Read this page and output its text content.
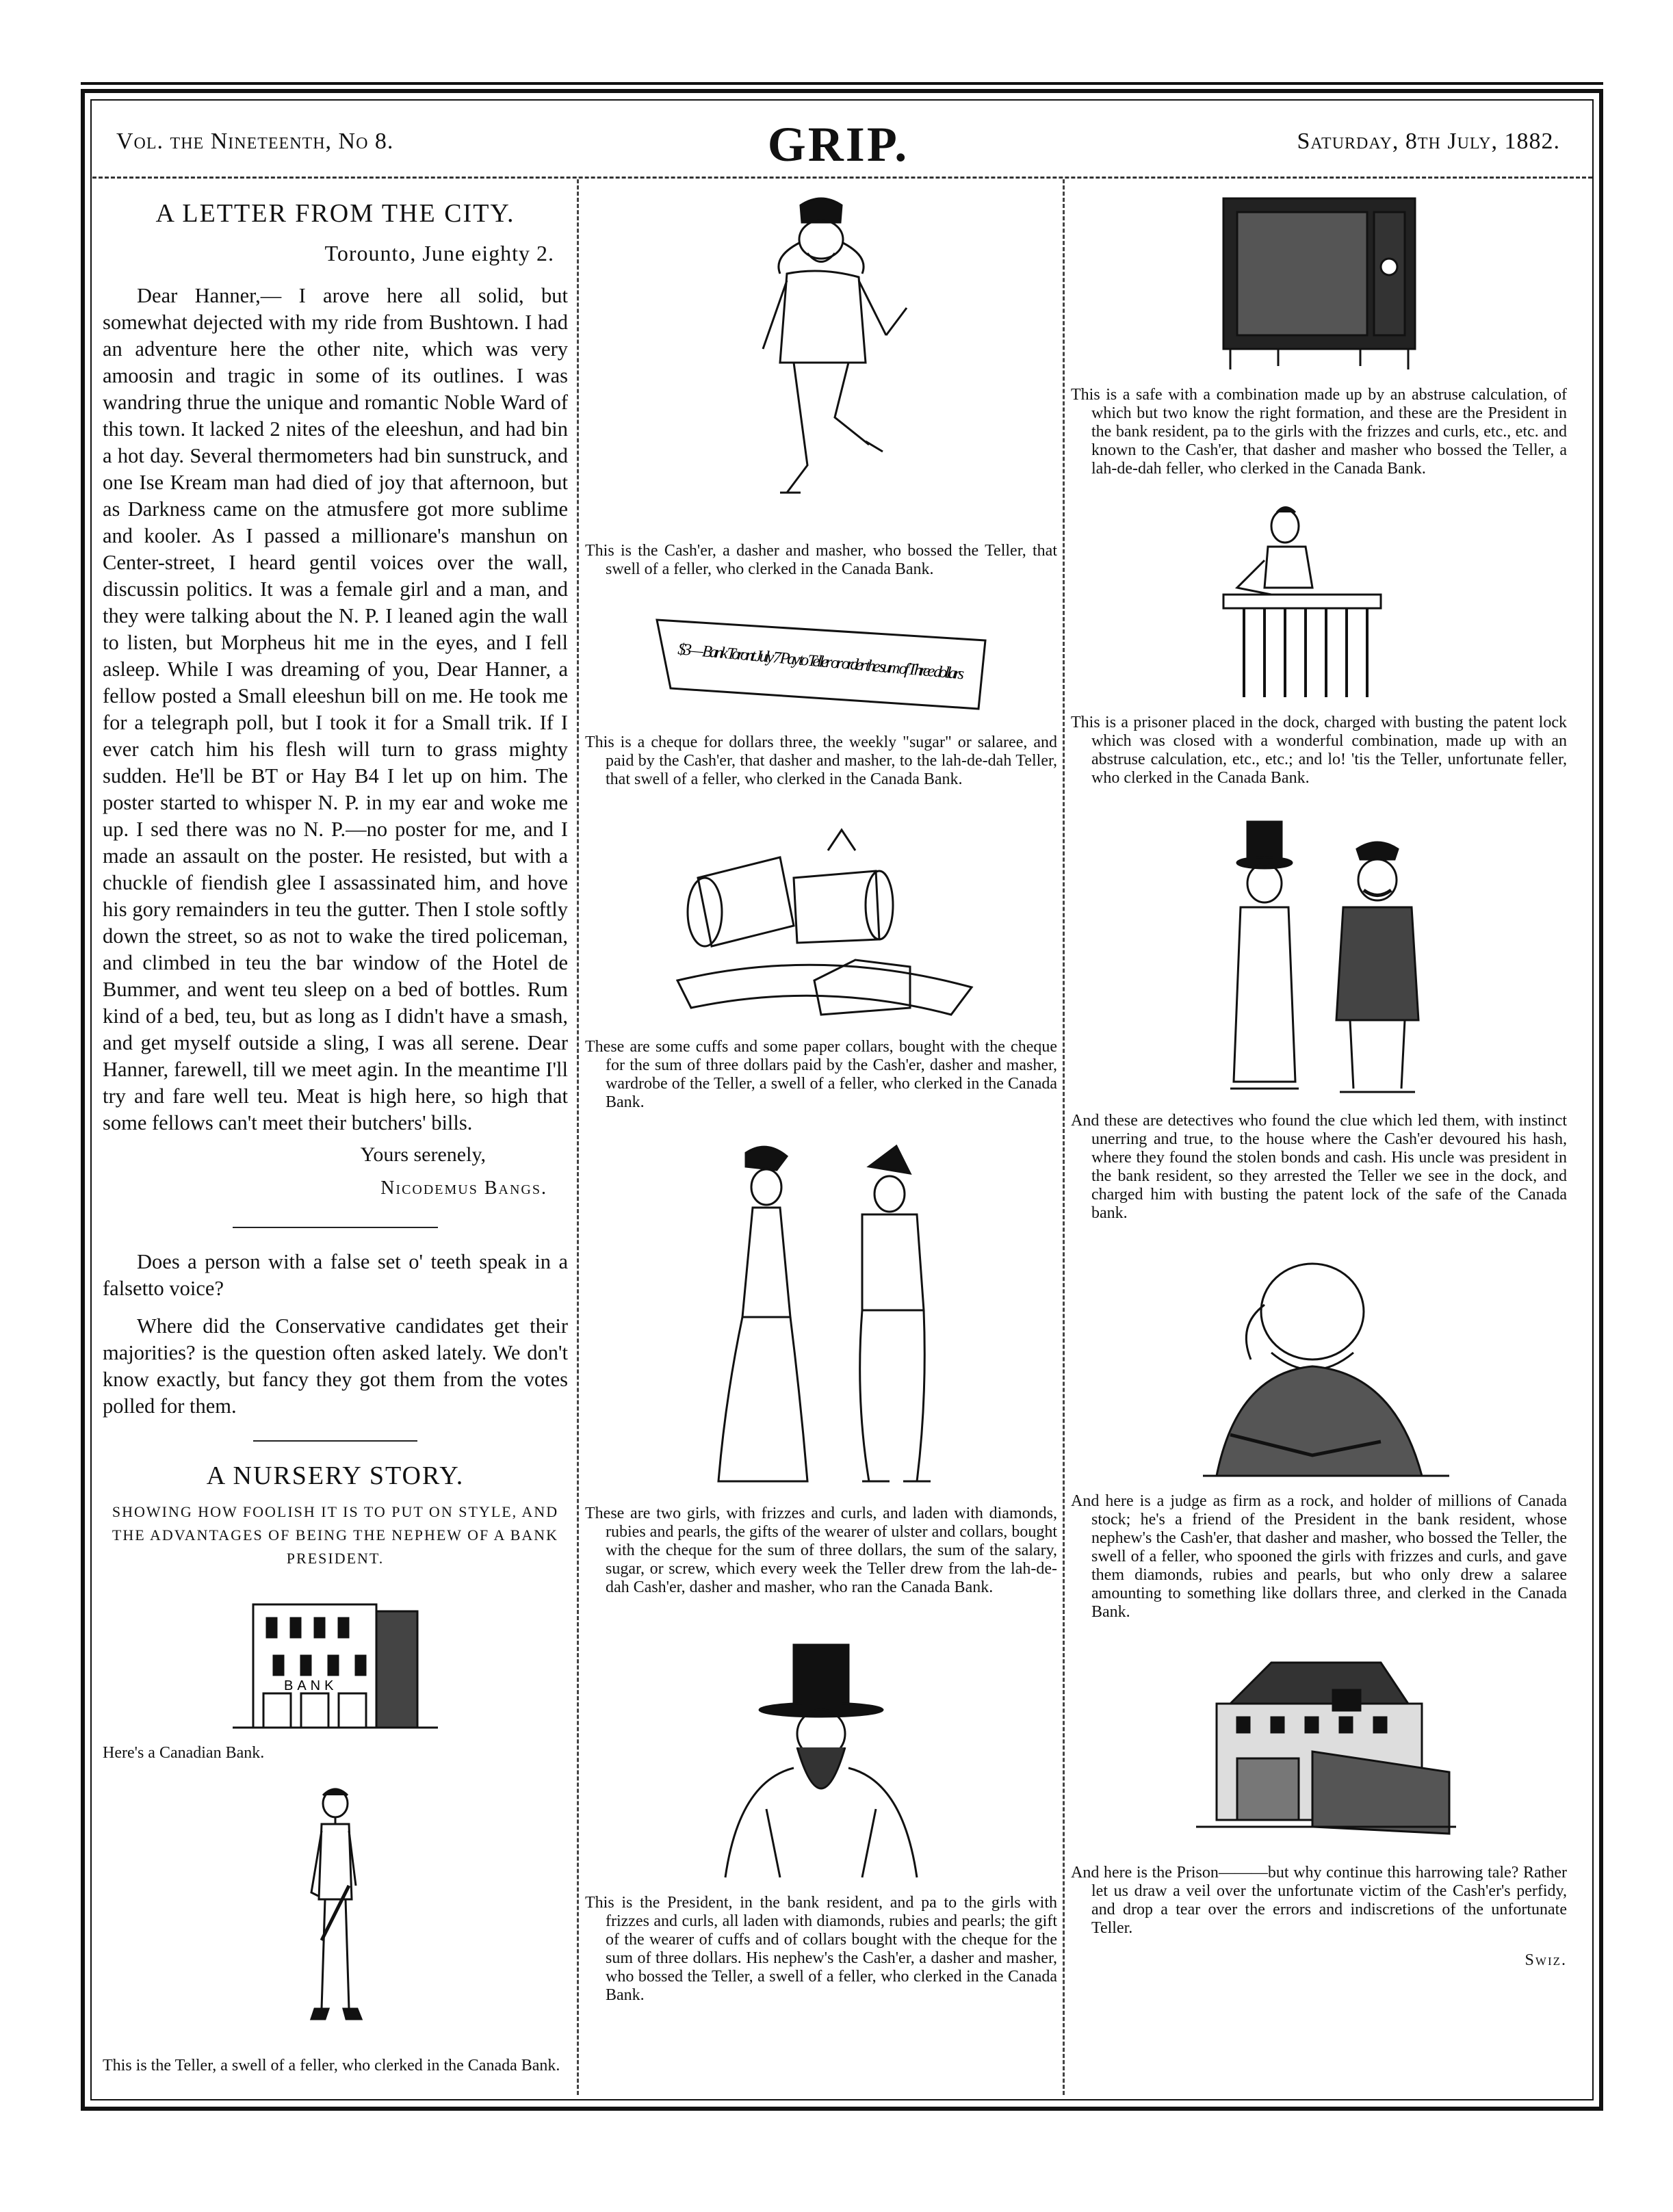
Vol. the Nineteenth, No 8.	GRIP.	Saturday, 8th July, 1882.
A LETTER FROM THE CITY.
Torounto, June eighty 2.

Dear Hanner,— I arove here all solid, but somewhat dejected with my ride from Bushtown. I had an adventure here the other nite, which was very amoosin and tragic in some of its outlines. I was wandring thrue the unique and romantic Noble Ward of this town. It lacked 2 nites of the eleeshun, and had bin a hot day. Several thermometers had bin sunstruck, and one Ise Kream man had died of joy that afternoon, but as Darkness came on the atmusfere got more sublime and kooler. As I passed a millionare's manshun on Center-street, I heard gentil voices over the wall, discussin politics. It was a female girl and a man, and they were talking about the N. P. I leaned agin the wall to listen, but Morpheus hit me in the eyes, and I fell asleep. While I was dreaming of you, Dear Hanner, a fellow posted a Small eleeshun bill on me. He took me for a telegraph poll, but I took it for a Small trik. If I ever catch him his flesh will turn to grass mighty sudden. He'll be BT or Hay B4 I let up on him. The poster started to whisper N. P. in my ear and woke me up. I sed there was no N. P.—no poster for me, and I made an assault on the poster. He resisted, but with a chuckle of fiendish glee I assassinated him, and hove his gory remainders in teu the gutter. Then I stole softly down the street, so as not to wake the tired policeman, and climbed in teu the bar window of the Hotel de Bummer, and went teu sleep on a bed of bottles. Rum kind of a bed, teu, but as long as I didn't have a smash, and get myself outside a sling, I was all serene. Dear Hanner, farewell, till we meet agin. In the meantime I'll try and fare well teu. Meat is high here, so high that some fellows can't meet their butchers' bills.

Yours serenely,
Nicodemus Bangs.

Does a person with a false set o' teeth speak in a falsetto voice?

Where did the Conservative candidates get their majorities? is the question often asked lately. We don't know exactly, but fancy they got them from the votes polled for them.

A NURSERY STORY.
SHOWING HOW FOOLISH IT IS TO PUT ON STYLE, AND THE ADVANTAGES OF BEING THE NEPHEW OF A BANK PRESIDENT.
BANK

Here's a Canadian Bank.

This is the Teller, a swell of a feller, who clerked in the Canada Bank.

This is the Cash'er, a dasher and masher, who bossed the Teller, that swell of a feller, who clerked in the Canada Bank.

$3— Bank Toront July 7 Pay to Teller or order the sum of Three dollars

This is a cheque for dollars three, the weekly "sugar" or salaree, and paid by the Cash'er, that dasher and masher, to the lah-de-dah Teller, that swell of a feller, who clerked in the Canada Bank.

These are some cuffs and some paper collars, bought with the cheque for the sum of three dollars paid by the Cash'er, dasher and masher, wardrobe of the Teller, a swell of a feller, who clerked in the Canada Bank.

These are two girls, with frizzes and curls, and laden with diamonds, rubies and pearls, the gifts of the wearer of ulster and collars, bought with the cheque for the sum of three dollars, the sum of the salary, sugar, or screw, which every week the Teller drew from the lah-de-dah Cash'er, dasher and masher, who ran the Canada Bank.

This is the President, in the bank resident, and pa to the girls with frizzes and curls, all laden with diamonds, rubies and pearls; the gift of the wearer of cuffs and of collars bought with the cheque for the sum of three dollars. His nephew's the Cash'er, a dasher and masher, who bossed the Teller, a swell of a feller, who clerked in the Canada Bank.

This is a safe with a combination made up by an abstruse calculation, of which but two know the right formation, and these are the President in the bank resident, pa to the girls with the frizzes and curls, etc., etc. and known to the Cash'er, that dasher and masher who bossed the Teller, a lah-de-dah feller, who clerked in the Canada Bank.

This is a prisoner placed in the dock, charged with busting the patent lock which was closed with a wonderful combination, made up with an abstruse calculation, etc., etc.; and lo! 'tis the Teller, unfortunate feller, who clerked in the Canada Bank.

And these are detectives who found the clue which led them, with instinct unerring and true, to the house where the Cash'er devoured his hash, where they found the stolen bonds and cash. His uncle was president in the bank resident, so they arrested the Teller we see in the dock, and charged him with busting the patent lock of the safe of the Canada bank.

And here is a judge as firm as a rock, and holder of millions of Canada stock; he's a friend of the President in the bank resident, whose nephew's the Cash'er, that dasher and masher, who bossed the Teller, the swell of a feller, who spooned the girls with frizzes and curls, and gave them diamonds, rubies and pearls, but who only drew a salaree amounting to something like dollars three, and clerked in the Canada Bank.

And here is the Prison———but why continue this harrowing tale? Rather let us draw a veil over the unfortunate victim of the Cash'er's perfidy, and drop a tear over the errors and indiscretions of the unfortunate Teller.

Swiz.
